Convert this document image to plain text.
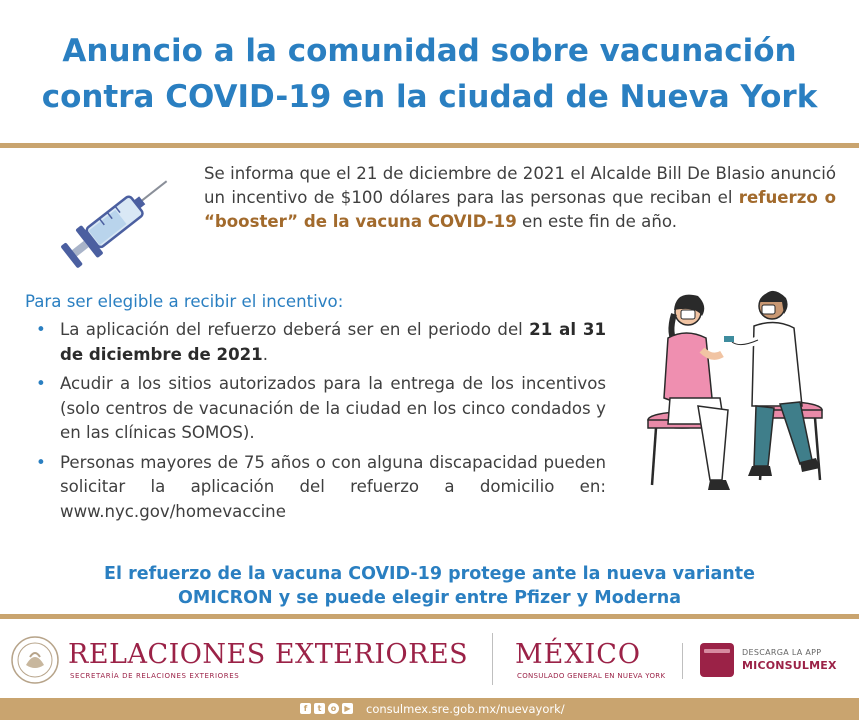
Anuncio a la comunidad sobre vacunación
contra COVID-19 en la ciudad de Nueva York
Se informa que el 21 de diciembre de 2021 el Alcalde Bill De Blasio anunció un incentivo de $100 dólares para las personas que reciban el refuerzo o “booster” de la vacuna COVID-19 en este fin de año.
Para ser elegible a recibir el incentivo:
• La aplicación del refuerzo deberá ser en el periodo del 21 al 31 de diciembre de 2021.
• Acudir a los sitios autorizados para la entrega de los incentivos (solo centros de vacunación de la ciudad en los cinco condados y en las clínicas SOMOS).
• Personas mayores de 75 años o con alguna discapacidad pueden solicitar la aplicación del refuerzo a domicilio en: www.nyc.gov/homevaccine
El refuerzo de la vacuna COVID-19 protege ante la nueva variante
OMICRON y se puede elegir entre Pfizer y Moderna
RELACIONES EXTERIORES
SECRETARÍA DE RELACIONES EXTERIORES
MÉXICO
CONSULADO GENERAL EN NUEVA YORK
DESCARGA LA APP
MICONSULMEX
f	t	o	▶ consulmex.sre.gob.mx/nuevayork/
